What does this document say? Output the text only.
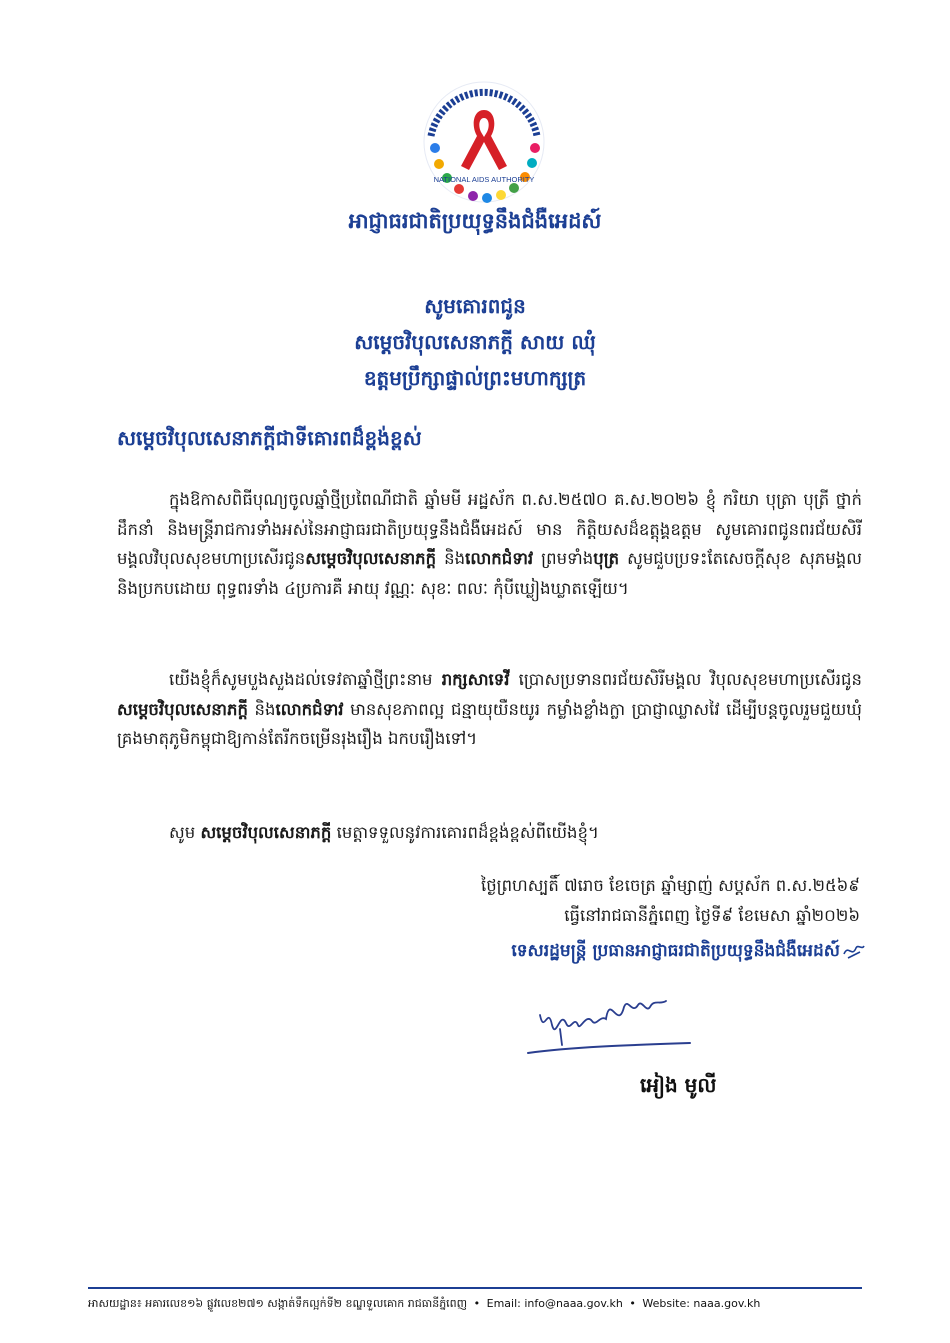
NATIONAL AIDS AUTHORITY
អាជ្ញាធរជាតិប្រយុទ្ធនឹងជំងឺអេដស៍
សូមគោរពជូន
សម្តេចវិបុលសេនាភក្តី សាយ ឈុំ
ឧត្តមប្រឹក្សាផ្ទាល់ព្រះមហាក្សត្រ
សម្តេចវិបុលសេនាភក្តីជាទីគោរពដ៏ខ្ពង់ខ្ពស់
ក្នុងឱកាសពិធីបុណ្យចូលឆ្នាំថ្មីប្រពៃណីជាតិ ឆ្នាំមមី អដ្ឋស័ក ព.ស.២៥៧០ គ.ស.២០២៦ ខ្ញុំ ករិយា បុត្រា បុត្រី ថ្នាក់ដឹកនាំ និងមន្ត្រីរាជការទាំងអស់នៃអាជ្ញាធរជាតិប្រយុទ្ធនឹងជំងឺអេដស៍ មាន កិត្តិយសដ៏ឧត្តុង្គឧត្តម សូមគោរពជូនពរជ័យសិរីមង្គលវិបុលសុខមហាប្រសើរជូនសម្តេចវិបុលសេនាភក្តី និងលោកជំទាវ ព្រមទាំងបុត្រ សូមជួបប្រទះតែសេចក្តីសុខ សុភមង្គល និងប្រកបដោយ ពុទ្ធពរទាំង ៤ប្រការគឺ អាយុ វណ្ណៈ សុខៈ ពលៈ កុំបីឃ្លៀងឃ្លាតឡើយ។
យើងខ្ញុំក៏សូមបួងសួងដល់ទេវតាឆ្នាំថ្មីព្រះនាម រាក្សសាទេវី ប្រោសប្រទានពរជ័យសិរីមង្គល វិបុលសុខមហាប្រសើរជូន សម្តេចវិបុលសេនាភក្តី និងលោកជំទាវ មានសុខភាពល្អ ជន្មាយុយឺនយូរ កម្លាំងខ្លាំងក្លា ប្រាជ្ញាឈ្លាសវៃ ដើម្បីបន្តចូលរួមជួយឃុំគ្រងមាតុភូមិកម្ពុជាឱ្យកាន់តែរីកចម្រើនរុងរឿង ឯកបរឿងទៅ។
សូម សម្តេចវិបុលសេនាភក្តី មេត្តាទទួលនូវការគោរពដ៏ខ្ពង់ខ្ពស់ពីយើងខ្ញុំ។
ថ្ងៃព្រហស្បតិ៍ ៧រោច ខែចេត្រ ឆ្នាំម្សាញ់ សប្តស័ក ព.ស.២៥៦៩
ធ្វើនៅរាជធានីភ្នំពេញ ថ្ងៃទី៩ ខែមេសា ឆ្នាំ២០២៦
ទេសរដ្ឋមន្ត្រី ប្រធានអាជ្ញាធរជាតិប្រយុទ្ធនឹងជំងឺអេដស៍
អៀង មូលី
អាសយដ្ឋាន៖ អគារលេខ១៦ ផ្លូវលេខ២៧១ សង្កាត់ទឹកល្អក់ទី២ ខណ្ឌទួលគោក រាជធានីភ្នំពេញ • Email: info@naaa.gov.kh • Website: naaa.gov.kh
